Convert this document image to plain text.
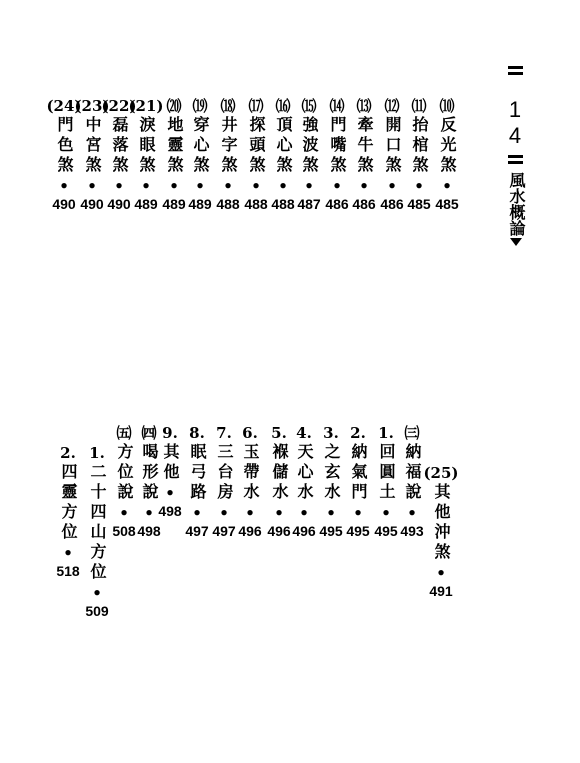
1
4
風水概論
⑽
反光煞
•
485
⑾
抬棺煞
•
485
⑿
開口煞
•
486
⒀
牽牛煞
•
486
⒁
門嘴煞
•
486
⒂
強波煞
•
487
⒃
頂心煞
•
488
⒄
探頭煞
•
488
⒅
井字煞
•
488
⒆
穿心煞
•
489
⒇
地靈煞
•
489
(21)
淚眼煞
•
489
(22)
磊落煞
•
490
(23)
中宮煞
•
490
(24)
門色煞
•
490
(25)
其他沖煞
•
491
㈢
納福說
•
493
1.
回圓土
•
495
2.
納氣門
•
495
3.
之玄水
•
495
4.
天心水
•
496
5.
褓儲水
•
496
6.
玉帶水
•
496
7.
三台房
•
497
8.
眠弓路
•
497
9.
其他
•
498
㈣
喝形說
•
498
㈤
方位說
•
508
1.
二十四山方位
•
509
2.
四靈方位
•
518
